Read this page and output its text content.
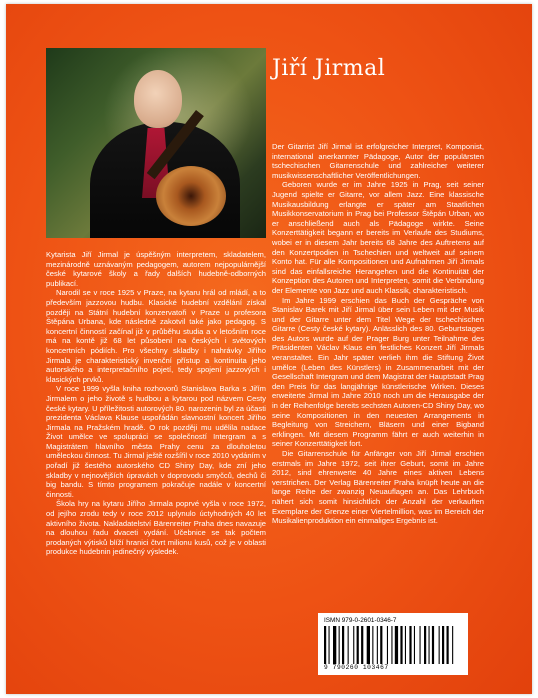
Jiří Jirmal

Kytarista Jiří Jirmal je úspěšným interpretem, skladatelem, mezinárodně uznávaným pedagogem, autorem nejpopulárnější české kytarové školy a řady dalších hudebně-odborných publikací.

Narodil se v roce 1925 v Praze, na kytaru hrál od mládí, a to především jazzovou hudbu. Klasické hudební vzdělání získal později na Státní hudební konzervatoři v Praze u profesora Štěpána Urbana, kde následně zakotvil také jako pedagog. S koncertní činností začínal již v průběhu studia a v letošním roce má na kontě již 68 let působení na českých i světových koncertních pódiích. Pro všechny skladby i nahrávky Jiřího Jirmala je charakteristický invenční přístup a kontinuita jeho autorského a interpretačního pojetí, tedy spojení jazzových i klasických prvků.

V roce 1999 vyšla kniha rozhovorů Stanislava Barka s Jiřím Jirmalem o jeho životě s hudbou a kytarou pod názvem Cesty české kytary. U příležitosti autorových 80. narozenin byl za účasti prezidenta Václava Klause uspořádán slavnostní koncert Jiřího Jirmala na Pražském hradě. O rok později mu udělila nadace Život umělce ve spolupráci se společností Intergram a s Magistrátem hlavního města Prahy cenu za dlouholetou uměleckou činnost. Tu Jirmal ještě rozšířil v roce 2010 vydáním v pořadí již šestého autorského CD Shiny Day, kde zní jeho skladby v nejnovějších úpravách v doprovodu smyčců, dechů či big bandu. S tímto programem pokračuje nadále v koncertní činnosti.

Škola hry na kytaru Jiřího Jirmala poprvé vyšla v roce 1972, od jejího zrodu tedy v roce 2012 uplynulo úctyhodných 40 let aktivního života. Nakladatelství Bärenreiter Praha dnes navazuje na dlouhou řadu dvaceti vydání. Učebnice se tak počtem prodaných výtisků blíží hranici čtvrt milionu kusů, což je v oblasti produkce hudebnin jedinečný výsledek.

Der Gitarrist Jiří Jirmal ist erfolgreicher Interpret, Komponist, international anerkannter Pädagoge, Autor der populärsten tschechischen Gitarrenschule und zahlreicher weiterer musikwissenschaftlicher Veröffentlichungen.

Geboren wurde er im Jahre 1925 in Prag, seit seiner Jugend spielte er Gitarre, vor allem Jazz. Eine klassische Musikausbildung erlangte er später am Staatlichen Musikkonservatorium in Prag bei Professor Štěpán Urban, wo er anschließend auch als Pädagoge wirkte. Seine Konzerttätigkeit begann er bereits im Verlaufe des Studiums, wobei er in diesem Jahr bereits 68 Jahre des Auftretens auf den Konzertpodien in Tschechien und weltweit auf seinem Konto hat. Für alle Kompositionen und Aufnahmen Jiří Jirmals sind das einfallsreiche Herangehen und die Kontinuität der Konzeption des Autoren und Interpreten, somit die Verbindung der Elemente von Jazz und auch Klassik, charakteristisch.

Im Jahre 1999 erschien das Buch der Gespräche von Stanislav Barek mit Jiří Jirmal über sein Leben mit der Musik und der Gitarre unter dem Titel Wege der tschechischen Gitarre (Cesty české kytary). Anlässlich des 80. Geburtstages des Autors wurde auf der Prager Burg unter Teilnahme des Präsidenten Václav Klaus ein festliches Konzert Jiří Jirmals veranstaltet. Ein Jahr später verlieh ihm die Stiftung Život umělce (Leben des Künstlers) in Zusammenarbeit mit der Gesellschaft Intergram und dem Magistrat der Hauptstadt Prag den Preis für das langjährige künstlerische Wirken. Dieses erweiterte Jirmal im Jahre 2010 noch um die Herausgabe der in der Reihenfolge bereits sechsten Autoren-CD Shiny Day, wo seine Kompositionen in den neuesten Arrangements in Begleitung von Streichern, Bläsern und einer Bigband erklingen. Mit diesem Programm fährt er auch weiterhin in seiner Konzerttätigkeit fort.

Die Gitarrenschule für Anfänger von Jiří Jirmal erschien erstmals im Jahre 1972, seit ihrer Geburt, somit im Jahre 2012, sind ehrenwerte 40 Jahre eines aktiven Lebens verstrichen. Der Verlag Bärenreiter Praha knüpft heute an die lange Reihe der zwanzig Neuauflagen an. Das Lehrbuch nähert sich somit hinsichtlich der Anzahl der verkauften Exemplare der Grenze einer Viertelmillion, was im Bereich der Musikalienproduktion ein einmaliges Ergebnis ist.

ISMN 979-0-2601-0346-7
9 790260 103467
